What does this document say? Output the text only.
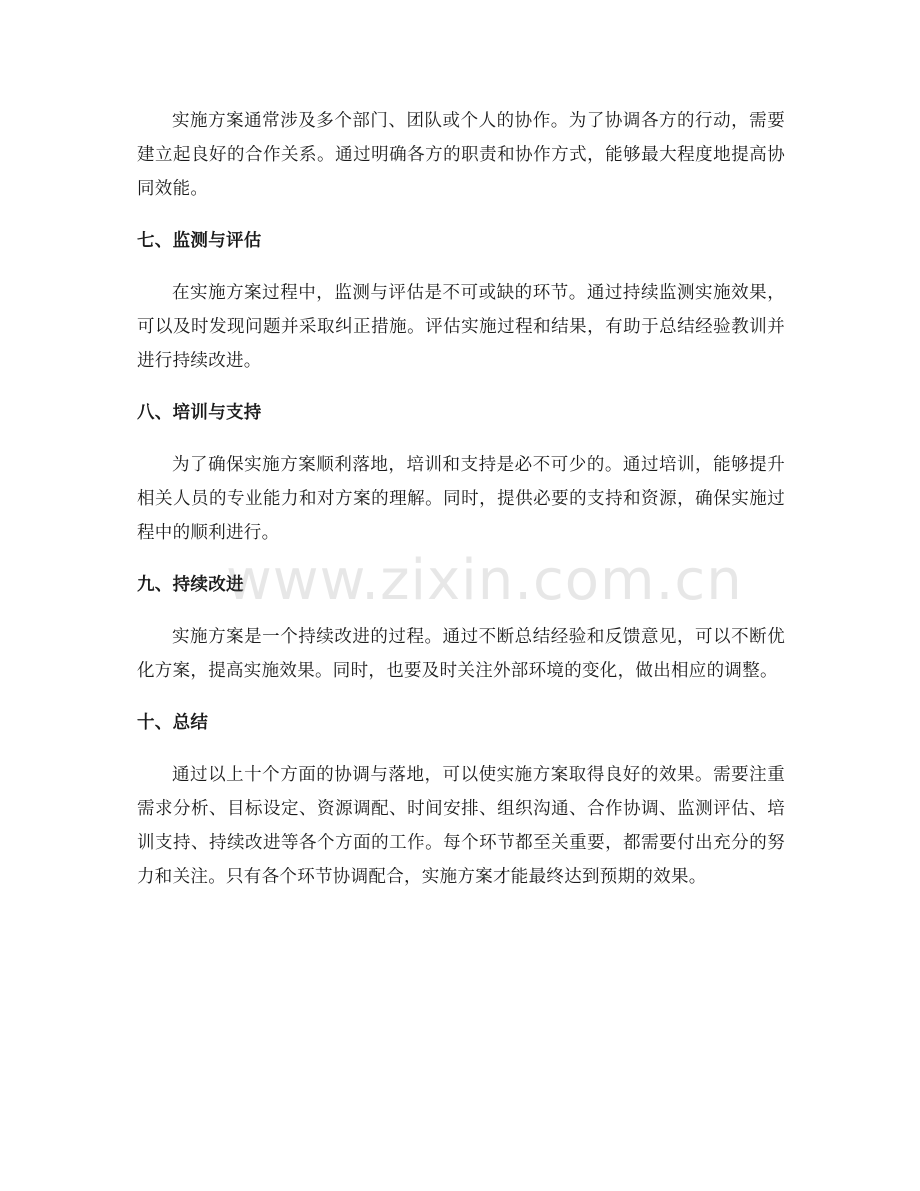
实施方案通常涉及多个部门、团队或个人的协作。为了协调各方的行动，需要建立起良好的合作关系。通过明确各方的职责和协作方式，能够最大程度地提高协同效能。

七、监测与评估

在实施方案过程中，监测与评估是不可或缺的环节。通过持续监测实施效果，可以及时发现问题并采取纠正措施。评估实施过程和结果，有助于总结经验教训并进行持续改进。

八、培训与支持

为了确保实施方案顺利落地，培训和支持是必不可少的。通过培训，能够提升相关人员的专业能力和对方案的理解。同时，提供必要的支持和资源，确保实施过程中的顺利进行。

九、持续改进

实施方案是一个持续改进的过程。通过不断总结经验和反馈意见，可以不断优化方案，提高实施效果。同时，也要及时关注外部环境的变化，做出相应的调整。

十、总结

通过以上十个方面的协调与落地，可以使实施方案取得良好的效果。需要注重需求分析、目标设定、资源调配、时间安排、组织沟通、合作协调、监测评估、培训支持、持续改进等各个方面的工作。每个环节都至关重要，都需要付出充分的努力和关注。只有各个环节协调配合，实施方案才能最终达到预期的效果。

www.zixin.com.cn
